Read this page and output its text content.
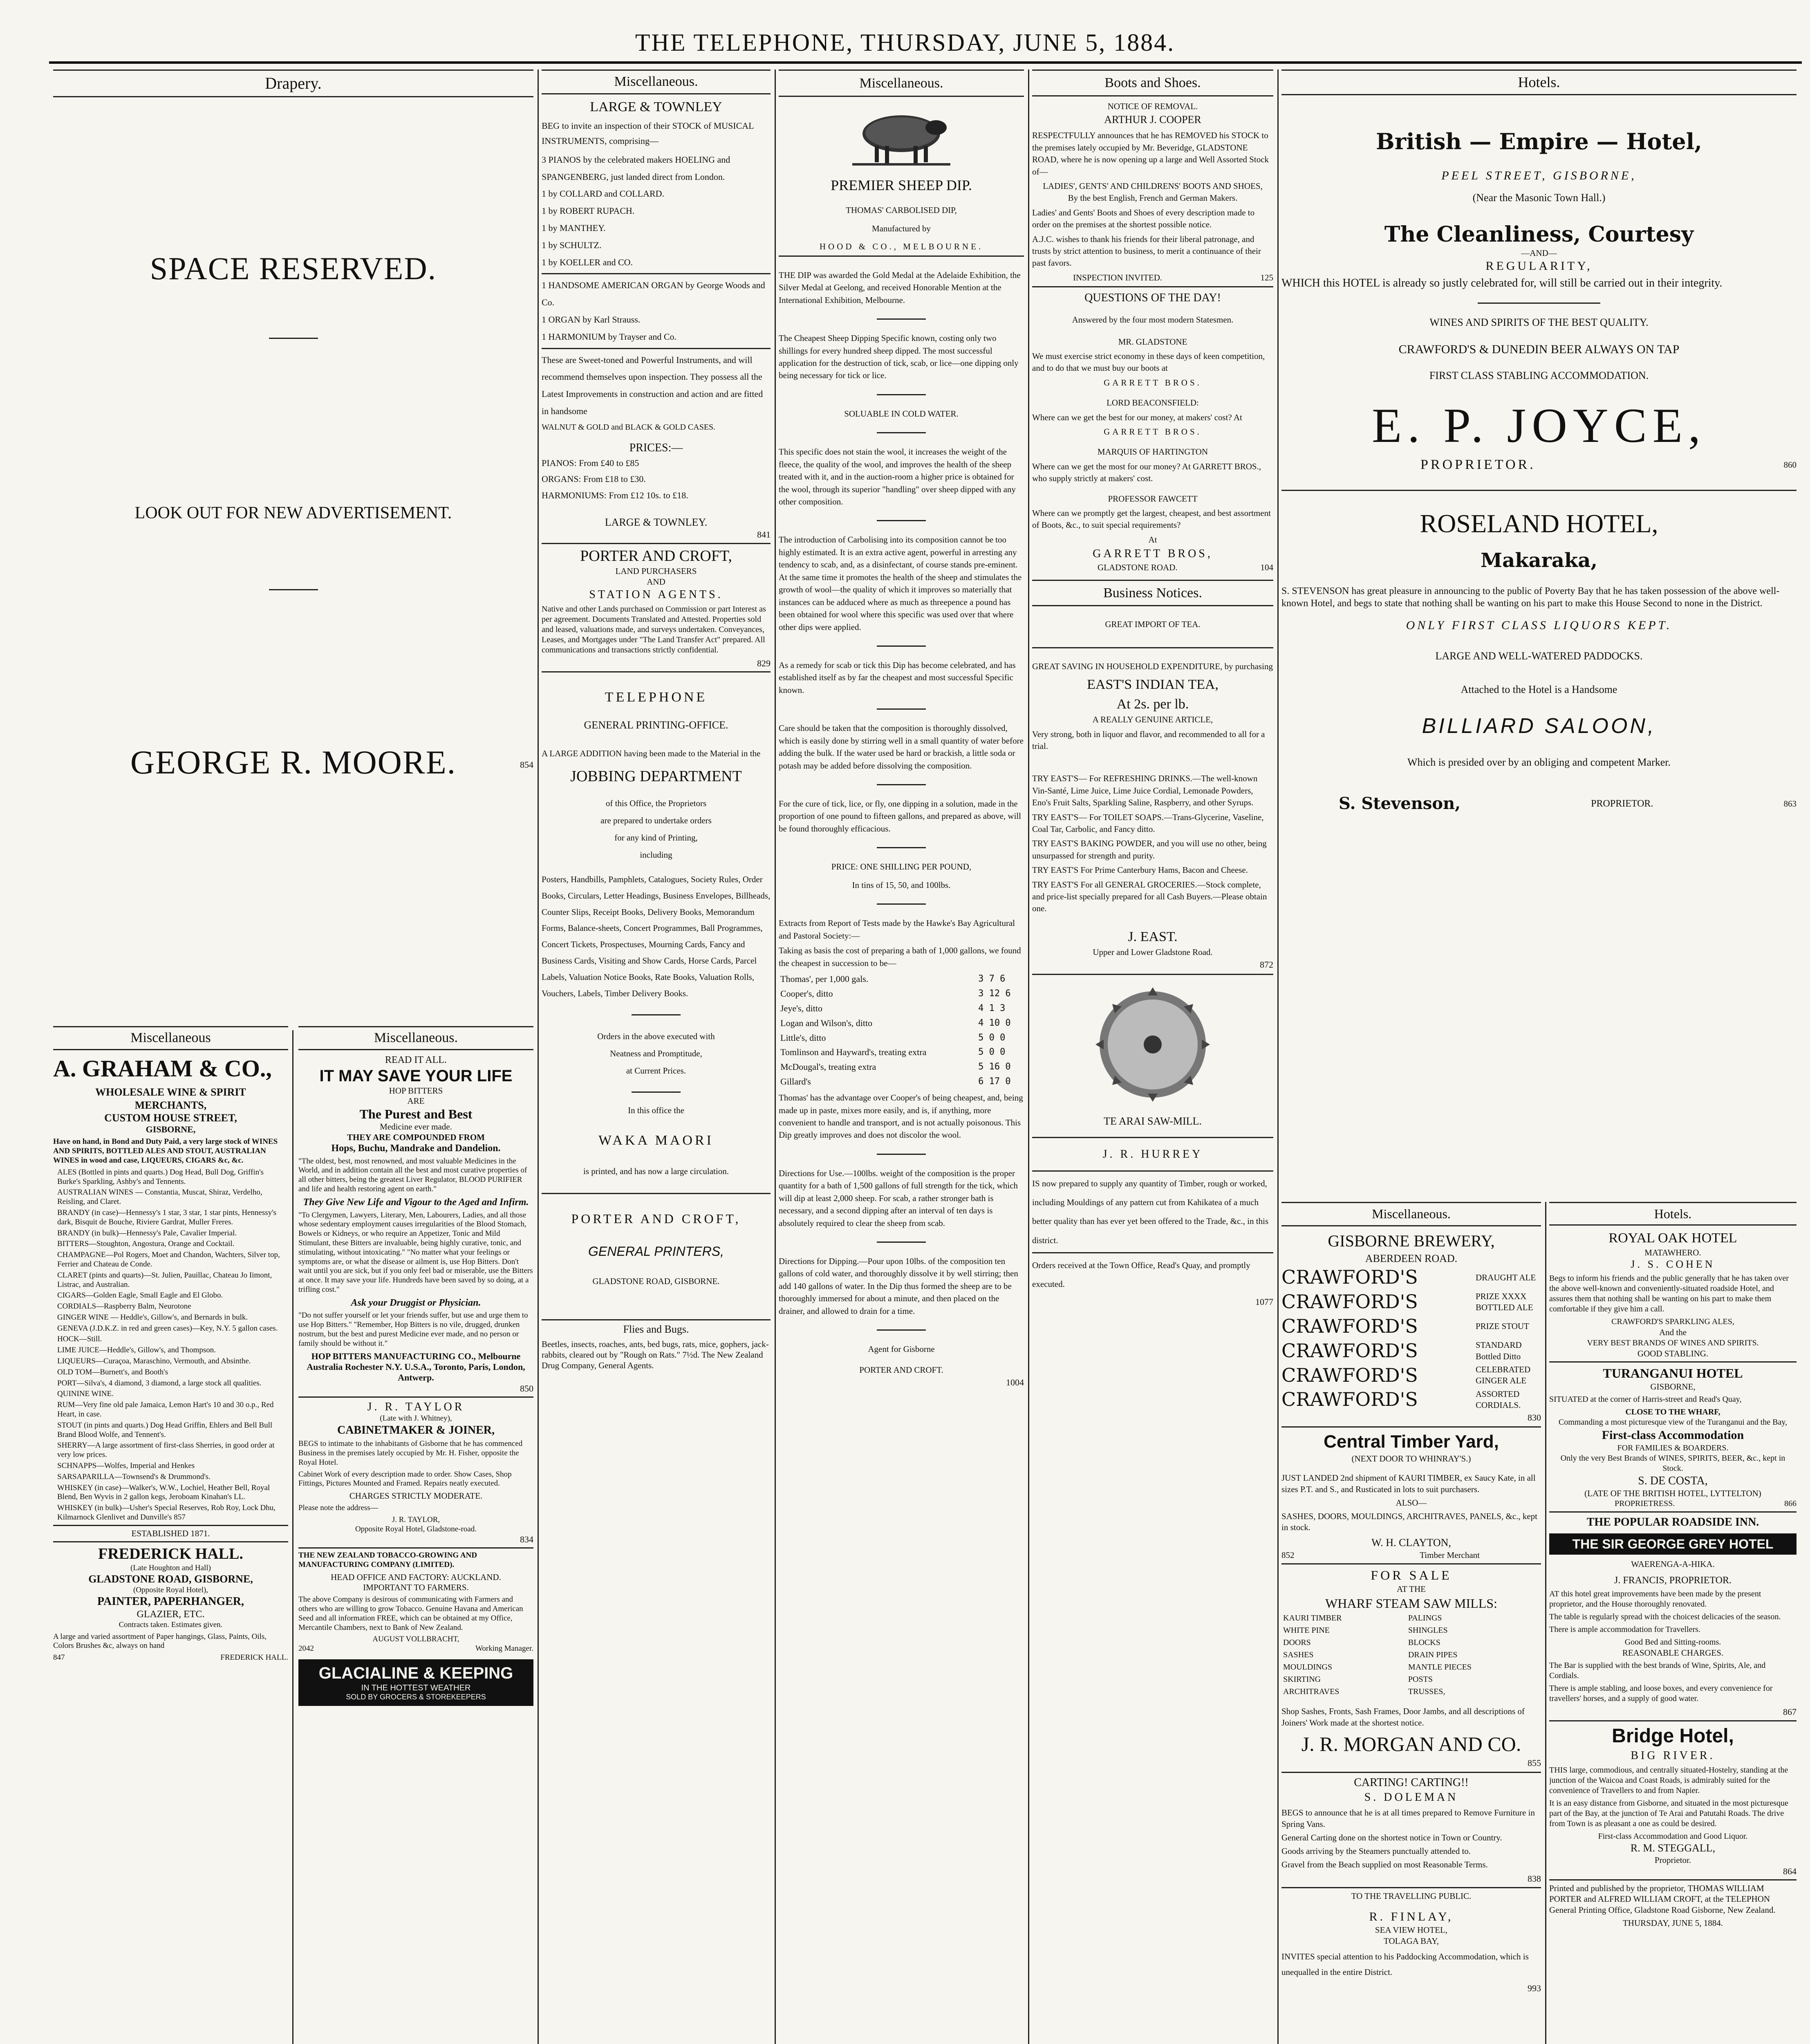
THE TELEPHONE, THURSDAY, JUNE 5, 1884.
Drapery.
SPACE RESERVED.
LOOK OUT FOR NEW ADVERTISEMENT.
GEORGE R. MOORE.	854
Miscellaneous
A. GRAHAM & CO.,
WHOLESALE WINE & SPIRIT
MERCHANTS,
CUSTOM HOUSE STREET,
GISBORNE,
Have on hand, in Bond and Duty Paid, a very large stock of WINES AND SPIRITS, BOTTLED ALES AND STOUT, AUSTRALIAN WINES in wood and case, LIQUEURS, CIGARS &c, &c.
ALES (Bottled in pints and quarts.) Dog Head, Bull Dog, Griffin's Burke's Sparkling, Ashby's and Tennents.
AUSTRALIAN WINES — Constantia, Muscat, Shiraz, Verdelho, Reisling, and Claret.
BRANDY (in case)—Hennessy's 1 star, 3 star, 1 star pints, Hennessy's dark, Bisquit de Bouche, Riviere Gardrat, Muller Freres.
BRANDY (in bulk)—Hennessy's Pale, Cavalier Imperial.
BITTERS—Stoughton, Angostura, Orange and Cocktail.
CHAMPAGNE—Pol Rogers, Moet and Chandon, Wachters, Silver top, Ferrier and Chateau de Conde.
CLARET (pints and quarts)—St. Julien, Pauillac, Chateau Jo Iimont, Listrac, and Australian.
CIGARS—Golden Eagle, Small Eagle and El Globo.
CORDIALS—Raspberry Balm, Neurotone
GINGER WINE — Heddle's, Gillow's, and Bernards in bulk.
GENEVA (J.D.K.Z. in red and green cases)—Key, N.Y. 5 gallon cases.
HOCK—Still.
LIME JUICE—Heddle's, Gillow's, and Thompson.
LIQUEURS—Curaçoa, Maraschino, Vermouth, and Absinthe.
OLD TOM—Burnett's, and Booth's
PORT—Silva's, 4 diamond, 3 diamond, a large stock all qualities.
QUININE WINE.
RUM—Very fine old pale Jamaica, Lemon Hart's 10 and 30 o.p., Red Heart, in case.
STOUT (in pints and quarts.) Dog Head Griffin, Ehlers and Bell Bull Brand Blood Wolfe, and Tennent's.
SHERRY—A large assortment of first-class Sherries, in good order at very low prices.
SCHNAPPS—Wolfes, Imperial and Henkes
SARSAPARILLA—Townsend's & Drummond's.
WHISKEY (in case)—Walker's, W.W., Lochiel, Heather Bell, Royal Blend, Ben Wyvis in 2 gallon kegs, Jeroboam Kinahan's LL.
WHISKEY (in bulk)—Usher's Special Reserves, Rob Roy, Lock Dhu, Kilmarnock Glenlivet and Dunville's 857
ESTABLISHED 1871.
FREDERICK HALL.
(Late Houghton and Hall)
GLADSTONE ROAD, GISBORNE,
(Opposite Royal Hotel),
PAINTER, PAPERHANGER,
GLAZIER, ETC.
Contracts taken. Estimates given.
A large and varied assortment of Paper hangings, Glass, Paints, Oils, Colors Brushes &c, always on hand
847	FREDERICK HALL.
Miscellaneous.
READ IT ALL.
IT MAY SAVE YOUR LIFE
HOP BITTERS
ARE
The Purest and Best
Medicine ever made.
THEY ARE COMPOUNDED FROM
Hops, Buchu, Mandrake and Dandelion.
"The oldest, best, most renowned, and most valuable Medicines in the World, and in addition contain all the best and most curative properties of all other bitters, being the greatest Liver Regulator, BLOOD PURIFIER and life and health restoring agent on earth."
They Give New Life and Vigour to the Aged and Infirm.
"To Clergymen, Lawyers, Literary, Men, Labourers, Ladies, and all those whose sedentary employment causes irregularities of the Blood Stomach, Bowels or Kidneys, or who require an Appetizer, Tonic and Mild Stimulant, these Bitters are invaluable, being highly curative, tonic, and stimulating, without intoxicating." "No matter what your feelings or symptoms are, or what the disease or ailment is, use Hop Bitters. Don't wait until you are sick, but if you only feel bad or miserable, use the Bitters at once. It may save your life. Hundreds have been saved by so doing, at a trifling cost."
Ask your Druggist or Physician.
"Do not suffer yourself or let your friends suffer, but use and urge them to use Hop Bitters." "Remember, Hop Bitters is no vile, drugged, drunken nostrum, but the best and purest Medicine ever made, and no person or family should be without it."
HOP BITTERS MANUFACTURING CO., Melbourne Australia Rochester N.Y. U.S.A., Toronto, Paris, London, Antwerp.
850
J. R. TAYLOR
(Late with J. Whitney),
CABINETMAKER & JOINER,
BEGS to intimate to the inhabitants of Gisborne that he has commenced Business in the premises lately occupied by Mr. H. Fisher, opposite the Royal Hotel.
Cabinet Work of every description made to order. Show Cases, Shop Fittings, Pictures Mounted and Framed. Repairs neatly executed.
CHARGES STRICTLY MODERATE.
Please note the address—
J. R. TAYLOR,
Opposite Royal Hotel, Gladstone-road.
834
THE NEW ZEALAND TOBACCO-GROWING AND MANUFACTURING COMPANY (LIMITED).
HEAD OFFICE AND FACTORY: AUCKLAND.
IMPORTANT TO FARMERS.
The above Company is desirous of communicating with Farmers and others who are willing to grow Tobacco. Genuine Havana and American Seed and all information FREE, which can be obtained at my Office, Mercantile Chambers, next to Bank of New Zealand.
AUGUST VOLLBRACHT,
2042	Working Manager.
GLACIALINE & KEEPING
IN THE HOTTEST WEATHER
SOLD BY GROCERS & STOREKEEPERS
Miscellaneous.
LARGE & TOWNLEY
BEG to invite an inspection of their STOCK of MUSICAL INSTRUMENTS, comprising—
3 PIANOS by the celebrated makers HOELING and SPANGENBERG, just landed direct from London.
1 by COLLARD and COLLARD.
1 by ROBERT RUPACH.
1 by MANTHEY.
1 by SCHULTZ.
1 by KOELLER and CO.
1 HANDSOME AMERICAN ORGAN by George Woods and Co.
1 ORGAN by Karl Strauss.
1 HARMONIUM by Trayser and Co.
These are Sweet-toned and Powerful Instruments, and will recommend themselves upon inspection. They possess all the Latest Improvements in construction and action and are fitted in handsome
WALNUT & GOLD and BLACK & GOLD CASES.
PRICES:—
PIANOS: From £40 to £85
ORGANS: From £18 to £30.
HARMONIUMS: From £12 10s. to £18.
LARGE & TOWNLEY.
841
PORTER AND CROFT,
LAND PURCHASERS
AND
STATION AGENTS.
Native and other Lands purchased on Commission or part Interest as per agreement. Documents Translated and Attested. Properties sold and leased, valuations made, and surveys undertaken. Conveyances, Leases, and Mortgages under "The Land Transfer Act" prepared. All communications and transactions strictly confidential.
829
TELEPHONE
GENERAL PRINTING-OFFICE.
A LARGE ADDITION having been made to the Material in the
JOBBING DEPARTMENT
of this Office, the Proprietors
are prepared to undertake orders
for any kind of Printing,
including
Posters, Handbills, Pamphlets, Catalogues, Society Rules, Order Books, Circulars, Letter Headings, Business Envelopes, Billheads, Counter Slips, Receipt Books, Delivery Books, Memorandum Forms, Balance-sheets, Concert Programmes, Ball Programmes, Concert Tickets, Prospectuses, Mourning Cards, Fancy and Business Cards, Visiting and Show Cards, Horse Cards, Parcel Labels, Valuation Notice Books, Rate Books, Valuation Rolls, Vouchers, Labels, Timber Delivery Books.
Orders in the above executed with
Neatness and Promptitude,
at Current Prices.
In this office the
WAKA MAORI
is printed, and has now a large circulation.
PORTER AND CROFT,
GENERAL PRINTERS,
GLADSTONE ROAD, GISBORNE.
Flies and Bugs.
Beetles, insects, roaches, ants, bed bugs, rats, mice, gophers, jack-rabbits, cleared out by "Rough on Rats." 7½d. The New Zealand Drug Company, General Agents.
Miscellaneous.
PREMIER SHEEP DIP.
THOMAS' CARBOLISED DIP,
Manufactured by
HOOD & CO., MELBOURNE.
THE DIP was awarded the Gold Medal at the Adelaide Exhibition, the Silver Medal at Geelong, and received Honorable Mention at the International Exhibition, Melbourne.
The Cheapest Sheep Dipping Specific known, costing only two shillings for every hundred sheep dipped. The most successful application for the destruction of tick, scab, or lice—one dipping only being necessary for tick or lice.
SOLUABLE IN COLD WATER.
This specific does not stain the wool, it increases the weight of the fleece, the quality of the wool, and improves the health of the sheep treated with it, and in the auction-room a higher price is obtained for the wool, through its superior "handling" over sheep dipped with any other composition.
The introduction of Carbolising into its composition cannot be too highly estimated. It is an extra active agent, powerful in arresting any tendency to scab, and, as a disinfectant, of course stands pre-eminent. At the same time it promotes the health of the sheep and stimulates the growth of wool—the quality of which it improves so materially that instances can be adduced where as much as threepence a pound has been obtained for wool where this specific was used over that where other dips were applied.
As a remedy for scab or tick this Dip has become celebrated, and has established itself as by far the cheapest and most successful Specific known.
Care should be taken that the composition is thoroughly dissolved, which is easily done by stirring well in a small quantity of water before adding the bulk. If the water used be hard or brackish, a little soda or potash may be added before dissolving the composition.
For the cure of tick, lice, or fly, one dipping in a solution, made in the proportion of one pound to fifteen gallons, and prepared as above, will be found thoroughly efficacious.
PRICE: ONE SHILLING PER POUND,
In tins of 15, 50, and 100lbs.
Extracts from Report of Tests made by the Hawke's Bay Agricultural and Pastoral Society:—
Taking as basis the cost of preparing a bath of 1,000 gallons, we found the cheapest in succession to be—
Thomas', per 1,000 gals.	3 7 6
Cooper's, ditto	3 12 6
Jeye's, ditto	4 1 3
Logan and Wilson's, ditto	4 10 0
Little's, ditto	5 0 0
Tomlinson and Hayward's, treating extra	5 0 0
McDougal's, treating extra	5 16 0
Gillard's	6 17 0
Thomas' has the advantage over Cooper's of being cheapest, and, being made up in paste, mixes more easily, and is, if anything, more convenient to handle and transport, and is not actually poisonous. This Dip greatly improves and does not discolor the wool.
Directions for Use.—100lbs. weight of the composition is the proper quantity for a bath of 1,500 gallons of full strength for the tick, which will dip at least 2,000 sheep. For scab, a rather stronger bath is necessary, and a second dipping after an interval of ten days is absolutely required to clear the sheep from scab.
Directions for Dipping.—Pour upon 10lbs. of the composition ten gallons of cold water, and thoroughly dissolve it by well stirring; then add 140 gallons of water. In the Dip thus formed the sheep are to be thoroughly immersed for about a minute, and then placed on the drainer, and allowed to drain for a time.
Agent for Gisborne
PORTER AND CROFT.
1004
Boots and Shoes.
NOTICE OF REMOVAL.
ARTHUR J. COOPER
RESPECTFULLY announces that he has REMOVED his STOCK to the premises lately occupied by Mr. Beveridge, GLADSTONE ROAD, where he is now opening up a large and Well Assorted Stock of—
LADIES', GENTS' AND CHILDRENS' BOOTS AND SHOES,
By the best English, French and German Makers.
Ladies' and Gents' Boots and Shoes of every description made to order on the premises at the shortest possible notice.
A.J.C. wishes to thank his friends for their liberal patronage, and trusts by strict attention to business, to merit a continuance of their past favors.
INSPECTION INVITED.	125
QUESTIONS OF THE DAY!
Answered by the four most modern Statesmen.
MR. GLADSTONE
We must exercise strict economy in these days of keen competition, and to do that we must buy our boots at
GARRETT BROS.
LORD BEACONSFIELD:
Where can we get the best for our money, at makers' cost? At
GARRETT BROS.
MARQUIS OF HARTINGTON
Where can we get the most for our money? At GARRETT BROS., who supply strictly at makers' cost.
PROFESSOR FAWCETT
Where can we promptly get the largest, cheapest, and best assortment of Boots, &c., to suit special requirements?
At
GARRETT BROS,
GLADSTONE ROAD.	104
Business Notices.
GREAT IMPORT OF TEA.
GREAT SAVING IN HOUSEHOLD EXPENDITURE, by purchasing
EAST'S INDIAN TEA,
At 2s. per lb.
A REALLY GENUINE ARTICLE,
Very strong, both in liquor and flavor, and recommended to all for a trial.
TRY EAST'S— For REFRESHING DRINKS.—The well-known Vin-Santé, Lime Juice, Lime Juice Cordial, Lemonade Powders, Eno's Fruit Salts, Sparkling Saline, Raspberry, and other Syrups.
TRY EAST'S— For TOILET SOAPS.—Trans-Glycerine, Vaseline, Coal Tar, Carbolic, and Fancy ditto.
TRY EAST'S BAKING POWDER, and you will use no other, being unsurpassed for strength and purity.
TRY EAST'S For Prime Canterbury Hams, Bacon and Cheese.
TRY EAST'S For all GENERAL GROCERIES.—Stock complete, and price-list specially prepared for all Cash Buyers.—Please obtain one.
J. EAST.
Upper and Lower Gladstone Road.
872
TE ARAI SAW-MILL.
J. R. HURREY
IS now prepared to supply any quantity of Timber, rough or worked, including Mouldings of any pattern cut from Kahikatea of a much better quality than has ever yet been offered to the Trade, &c., in this district.
Orders received at the Town Office, Read's Quay, and promptly executed.
1077
Hotels.
British — Empire — Hotel,
PEEL STREET, GISBORNE,
(Near the Masonic Town Hall.)
The Cleanliness, Courtesy
—AND—
REGULARITY,
WHICH this HOTEL is already so justly celebrated for, will still be carried out in their integrity.
WINES AND SPIRITS OF THE BEST QUALITY.
CRAWFORD'S & DUNEDIN BEER ALWAYS ON TAP
FIRST CLASS STABLING ACCOMMODATION.
E. P. JOYCE,
PROPRIETOR.	860
ROSELAND HOTEL,
Makaraka,
S. STEVENSON has great pleasure in announcing to the public of Poverty Bay that he has taken possession of the above well-known Hotel, and begs to state that nothing shall be wanting on his part to make this House Second to none in the District.
ONLY FIRST CLASS LIQUORS KEPT.
LARGE AND WELL-WATERED PADDOCKS.
Attached to the Hotel is a Handsome
BILLIARD SALOON,
Which is presided over by an obliging and competent Marker.
S. Stevenson,	PROPRIETOR.	863
Miscellaneous.
GISBORNE BREWERY,
ABERDEEN ROAD.
CRAWFORD'S	DRAUGHT ALE
CRAWFORD'S	PRIZE XXXX BOTTLED ALE
CRAWFORD'S	PRIZE STOUT
CRAWFORD'S	STANDARD Bottled Ditto
CRAWFORD'S	CELEBRATED GINGER ALE
CRAWFORD'S	ASSORTED CORDIALS.
830
Central Timber Yard,
(NEXT DOOR TO WHINRAY'S.)
JUST LANDED 2nd shipment of KAURI TIMBER, ex Saucy Kate, in all sizes P.T. and S., and Rusticated in lots to suit purchasers.
ALSO—
SASHES, DOORS, MOULDINGS, ARCHITRAVES, PANELS, &c., kept in stock.
W. H. CLAYTON,
852	Timber Merchant
FOR SALE
AT THE
WHARF STEAM SAW MILLS:
KAURI TIMBER	PALINGS
WHITE PINE	SHINGLES
DOORS	BLOCKS
SASHES	DRAIN PIPES
MOULDINGS	MANTLE PIECES
SKIRTING	POSTS
ARCHITRAVES	TRUSSES,
Shop Sashes, Fronts, Sash Frames, Door Jambs, and all descriptions of Joiners' Work made at the shortest notice.
J. R. MORGAN AND CO.
855
CARTING! CARTING!!
S. DOLEMAN
BEGS to announce that he is at all times prepared to Remove Furniture in Spring Vans.
General Carting done on the shortest notice in Town or Country.
Goods arriving by the Steamers punctually attended to.
Gravel from the Beach supplied on most Reasonable Terms.
838
TO THE TRAVELLING PUBLIC.
R. FINLAY,
SEA VIEW HOTEL,
TOLAGA BAY,
INVITES special attention to his Paddocking Accommodation, which is unequalled in the entire District.
993
Hotels.
ROYAL OAK HOTEL
MATAWHERO.
J. S. COHEN
Begs to inform his friends and the public generally that he has taken over the above well-known and conveniently-situated roadside Hotel, and assures them that nothing shall be wanting on his part to make them comfortable if they give him a call.
CRAWFORD'S SPARKLING ALES,
And the
VERY BEST BRANDS OF WINES AND SPIRITS.
GOOD STABLING.
TURANGANUI HOTEL
GISBORNE,
SITUATED at the corner of Harris-street and Read's Quay,
CLOSE TO THE WHARF,
Commanding a most picturesque view of the Turanganui and the Bay,
First-class Accommodation
FOR FAMILIES & BOARDERS.
Only the very Best Brands of WINES, SPIRITS, BEER, &c., kept in Stock.
S. DE COSTA,
(LATE OF THE BRITISH HOTEL, LYTTELTON)
PROPRIETRESS.	866
THE POPULAR ROADSIDE INN.
THE SIR GEORGE GREY HOTEL
WAERENGA-A-HIKA.
J. FRANCIS, PROPRIETOR.
AT this hotel great improvements have been made by the present proprietor, and the House thoroughly renovated.
The table is regularly spread with the choicest delicacies of the season.
There is ample accommodation for Travellers.
Good Bed and Sitting-rooms.
REASONABLE CHARGES.
The Bar is supplied with the best brands of Wine, Spirits, Ale, and Cordials.
There is ample stabling, and loose boxes, and every convenience for travellers' horses, and a supply of good water.
867
Bridge Hotel,
BIG RIVER.
THIS large, commodious, and centrally situated-Hostelry, standing at the junction of the Waicoa and Coast Roads, is admirably suited for the convenience of Travellers to and from Napier.
It is an easy distance from Gisborne, and situated in the most picturesque part of the Bay, at the junction of Te Arai and Patutahi Roads. The drive from Town is as pleasant a one as could be desired.
First-class Accommodation and Good Liquor.
R. M. STEGGALL,
Proprietor.
864
Printed and published by the proprietor, THOMAS WILLIAM PORTER and ALFRED WILLIAM CROFT, at the TELEPHON General Printing Office, Gladstone Road Gisborne, New Zealand.
THURSDAY, JUNE 5, 1884.
